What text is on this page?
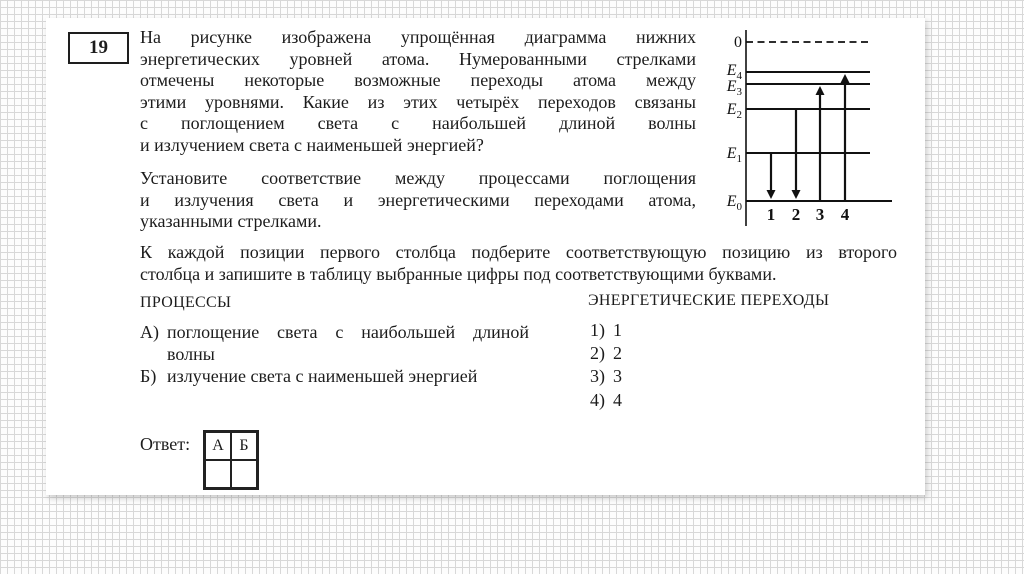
19 На рисунке изображена упрощённая диаграмма нижних
энергетических уровней атома. Нумерованными стрелками
отмечены некоторые возможные переходы атома между
этими уровнями. Какие из этих четырёх переходов связаны
с поглощением света с наибольшей длиной волны
и излучением света с наименьшей энергией?
Установите соответствие между процессами поглощения
и излучения света и энергетическими переходами атома,
указанными стрелками.
К каждой позиции первого столбца подберите соответствующую позицию из второго
столбца и запишите в таблицу выбранные цифры под соответствующими буквами.
ПРОЦЕССЫ
А) поглощение света с наибольшей длиной
волны
Б) излучение света с наименьшей энергией
ЭНЕРГЕТИЧЕСКИЕ ПЕРЕХОДЫ
1) 1
2) 2
3) 3
4) 4
Ответ:	А Б
0
$E_4$
$E_3$
$E_2$
$E_1$
$E_0$ 1 2 3 4
